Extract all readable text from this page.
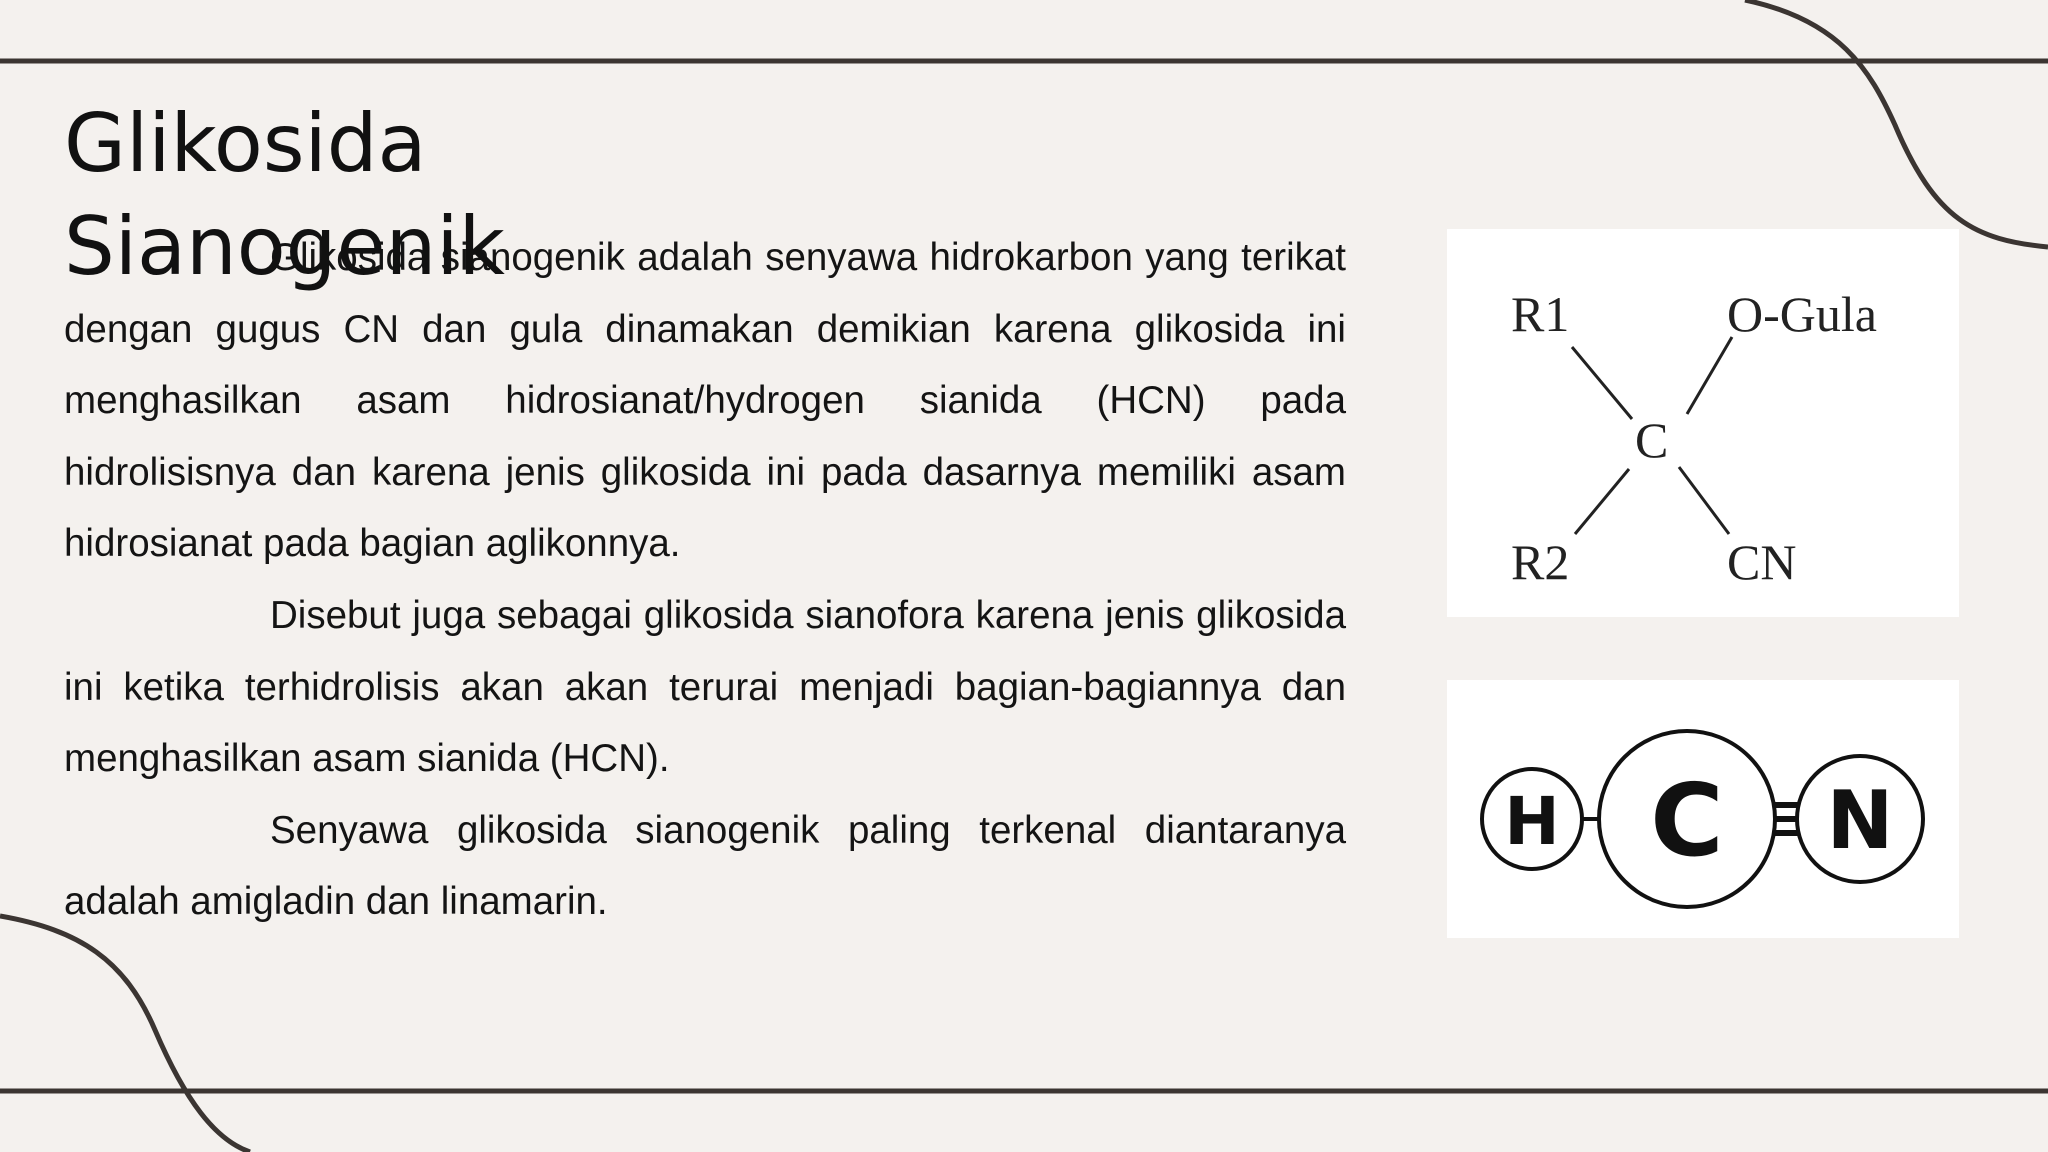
Glikosida
Sianogenik

Glikosida sianogenik adalah senyawa hidrokarbon yang terikat dengan gugus CN dan gula dinamakan demikian karena glikosida ini menghasilkan asam hidrosianat/hydrogen sianida (HCN) pada hidrolisisnya dan karena jenis glikosida ini pada dasarnya memiliki asam hidrosianat pada bagian aglikonnya.

Disebut juga sebagai glikosida sianofora karena jenis glikosida ini ketika terhidrolisis akan akan terurai menjadi bagian-bagiannya dan menghasilkan asam sianida (HCN).

Senyawa glikosida sianogenik paling terkenal diantaranya adalah amigladin dan linamarin.

R1	O-Gula
C
R2	CN
H C N
